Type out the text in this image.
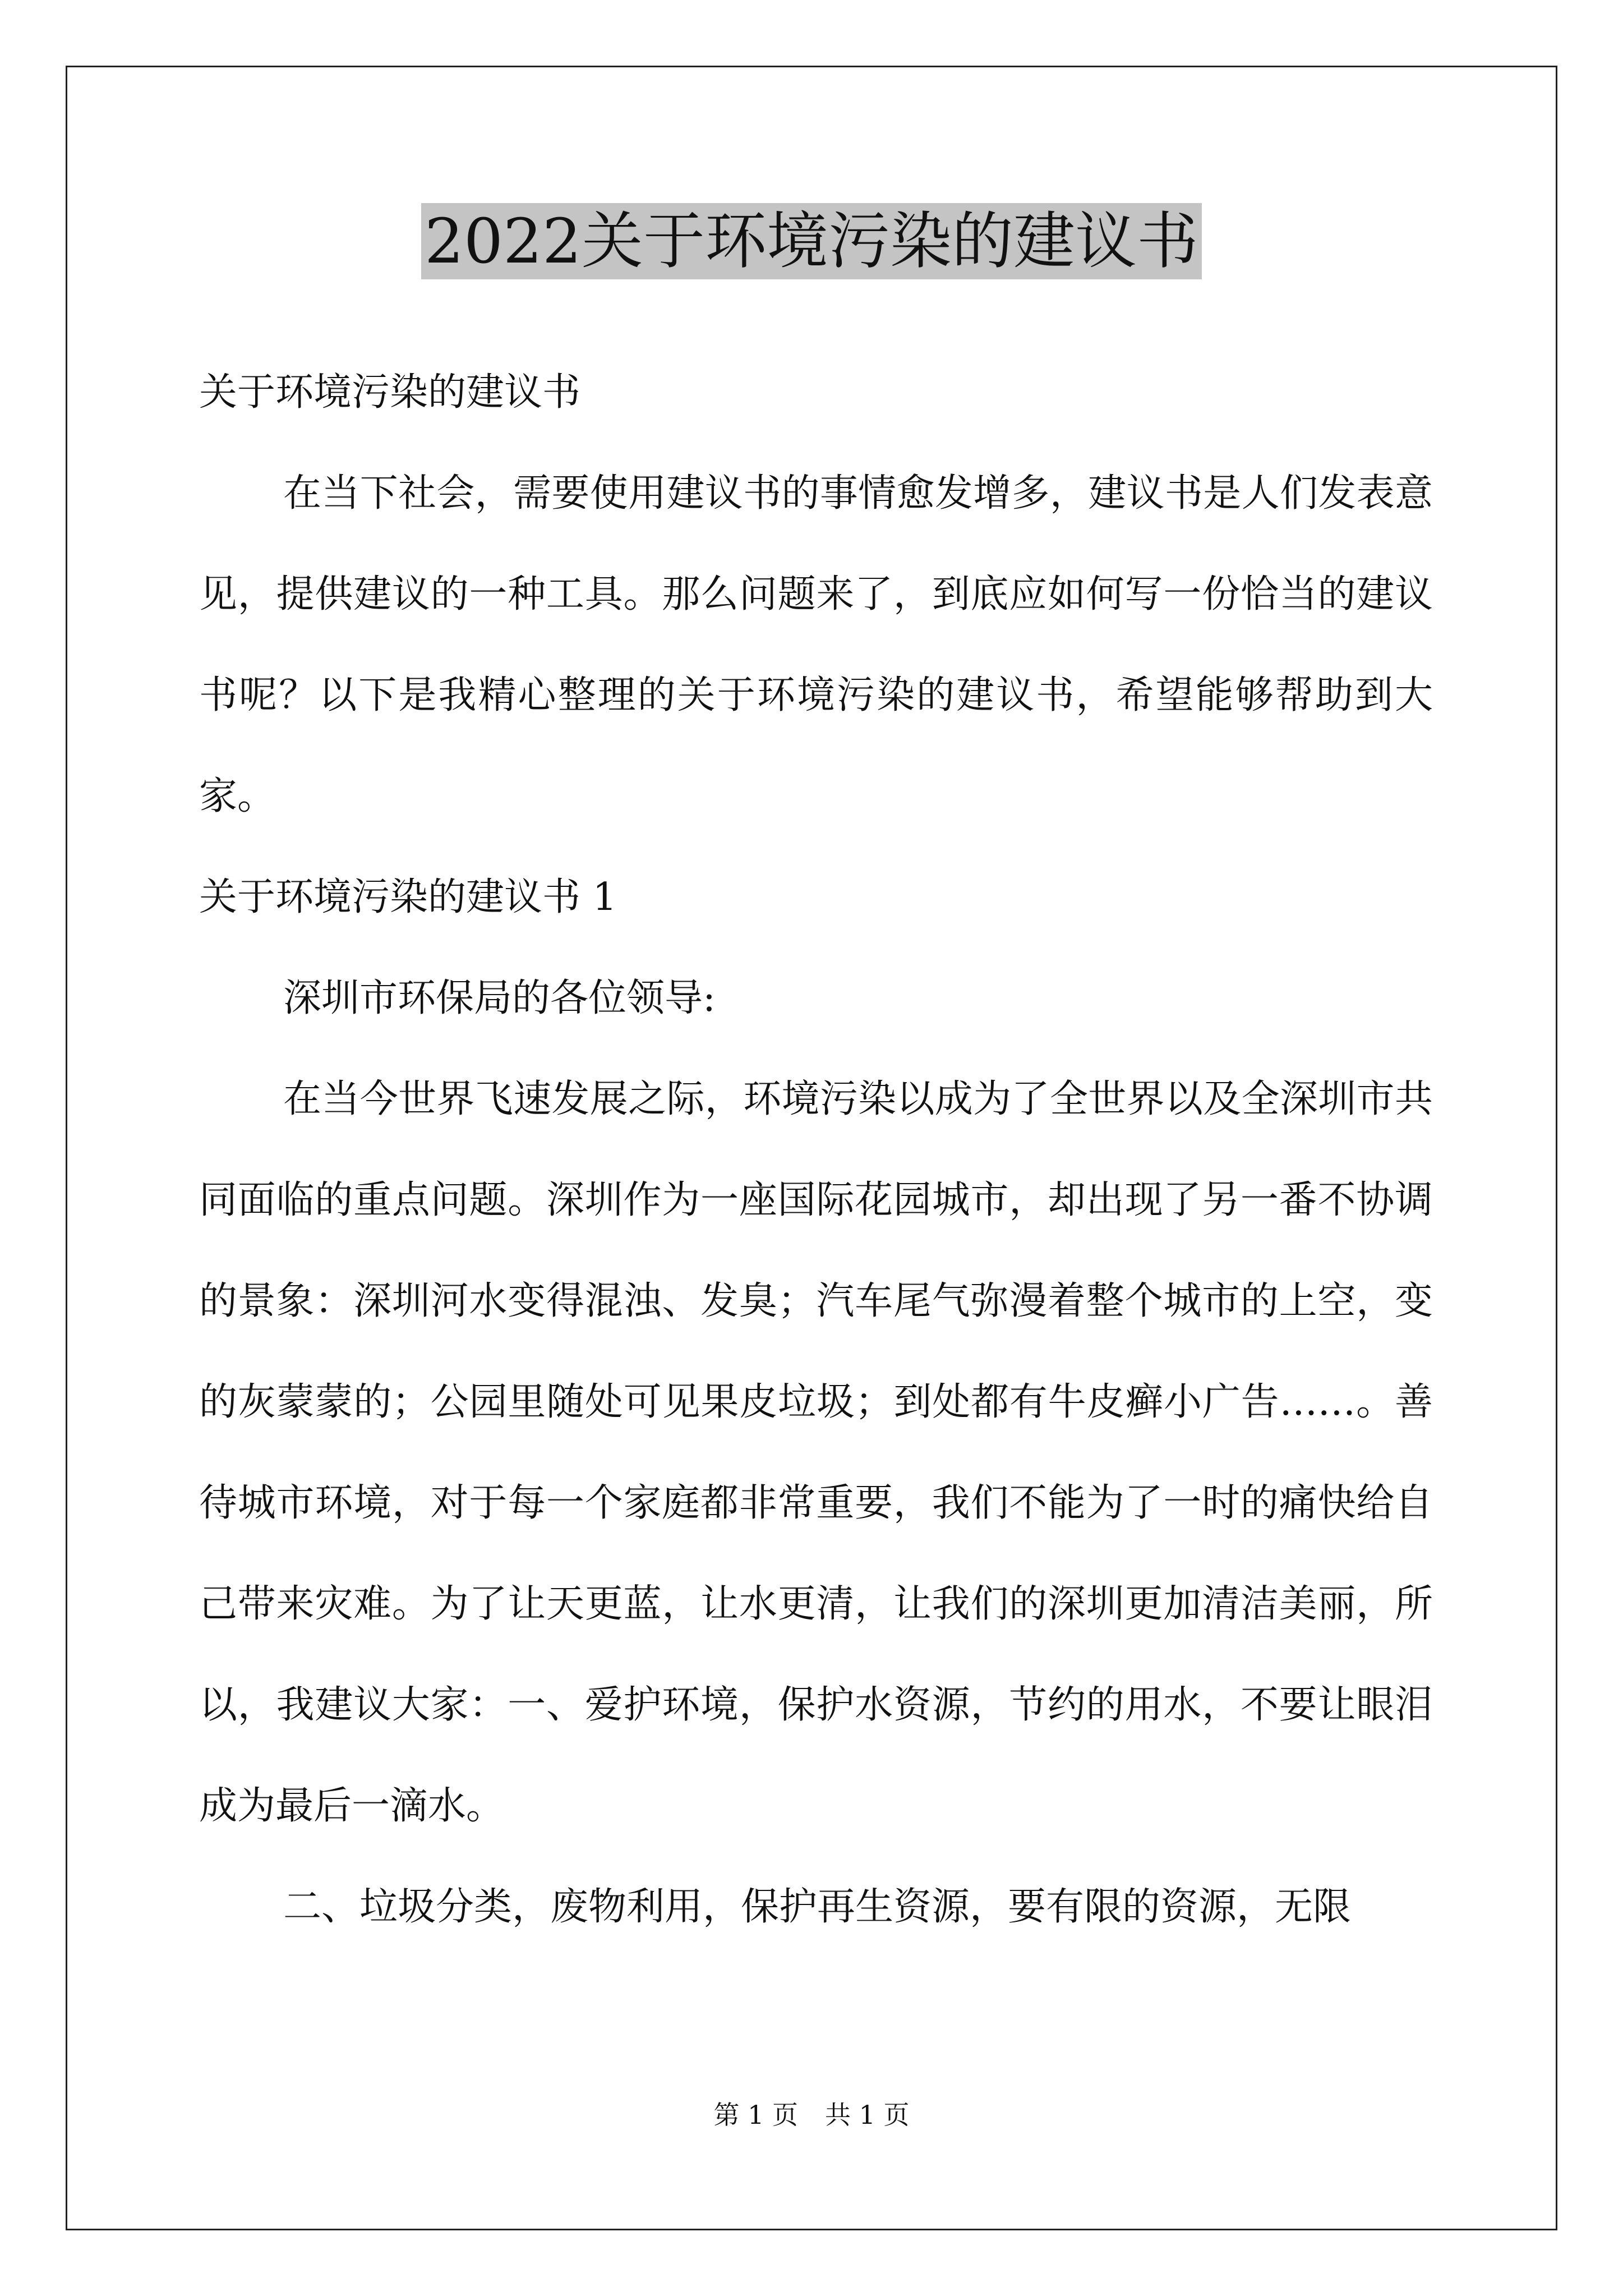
2022关于环境污染的建议书

关于环境污染的建议书

在当下社会，需要使用建议书的事情愈发增多，建议书是人们发表意见，提供建议的一种工具。那么问题来了，到底应如何写一份恰当的建议书呢？以下是我精心整理的关于环境污染的建议书，希望能够帮助到大家。

关于环境污染的建议书 1

深圳市环保局的各位领导:

在当今世界飞速发展之际，环境污染以成为了全世界以及全深圳市共同面临的重点问题。深圳作为一座国际花园城市，却出现了另一番不协调的景象：深圳河水变得混浊、发臭；汽车尾气弥漫着整个城市的上空，变的灰蒙蒙的；公园里随处可见果皮垃圾；到处都有牛皮癣小广告……。善待城市环境，对于每一个家庭都非常重要，我们不能为了一时的痛快给自己带来灾难。为了让天更蓝，让水更清，让我们的深圳更加清洁美丽，所以，我建议大家：一、爱护环境，保护水资源，节约的用水，不要让眼泪成为最后一滴水。

二、垃圾分类，废物利用，保护再生资源，要有限的资源，无限

第 1 页 共 1 页
